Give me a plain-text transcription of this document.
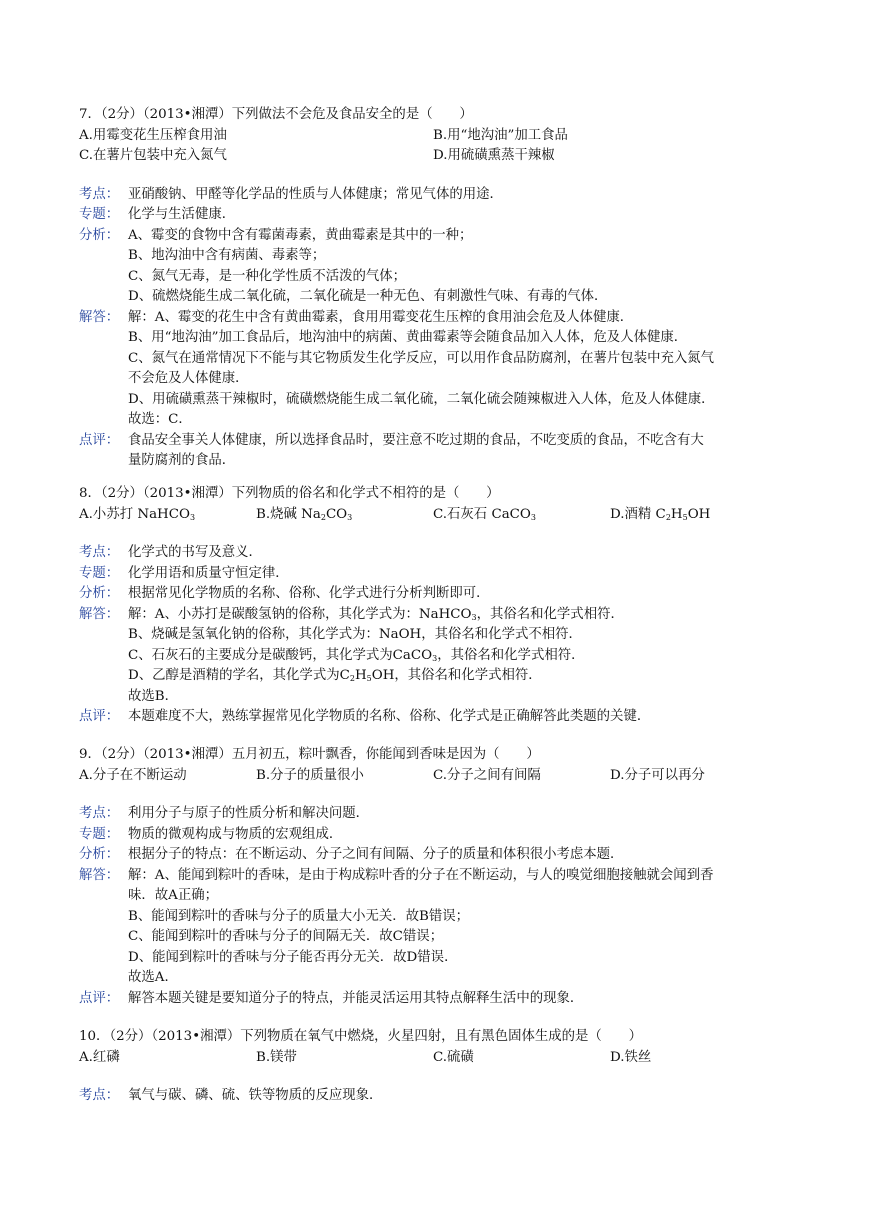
7．（2分）（2013•湘潭）下列做法不会危及食品安全的是（　　）
A.用霉变花生压榨食用油	B.用“地沟油”加工食品
C.在薯片包装中充入氮气	D.用硫磺熏蒸干辣椒
考点： 亚硝酸钠、甲醛等化学品的性质与人体健康；常见气体的用途．
专题： 化学与生活健康．
分析： A、霉变的食物中含有霉菌毒素，黄曲霉素是其中的一种；
B、地沟油中含有病菌、毒素等；
C、氮气无毒，是一种化学性质不活泼的气体；
D、硫燃烧能生成二氧化硫，二氧化硫是一种无色、有刺激性气味、有毒的气体．
解答： 解：A、霉变的花生中含有黄曲霉素，食用用霉变花生压榨的食用油会危及人体健康．
B、用“地沟油”加工食品后，地沟油中的病菌、黄曲霉素等会随食品加入人体，危及人体健康．
C、氮气在通常情况下不能与其它物质发生化学反应，可以用作食品防腐剂，在薯片包装中充入氮气
不会危及人体健康．
D、用硫磺熏蒸干辣椒时，硫磺燃烧能生成二氧化硫，二氧化硫会随辣椒进入人体，危及人体健康．
故选：C．
点评： 食品安全事关人体健康，所以选择食品时，要注意不吃过期的食品，不吃变质的食品，不吃含有大
量防腐剂的食品．
8．（2分）（2013•湘潭）下列物质的俗名和化学式不相符的是（　　）
A.小苏打 NaHCO$_3$	B.烧碱 $Na_2CO_3$	C.石灰石 CaCO$_3$	D.酒精 $C_2H_5OH$
考点： 化学式的书写及意义．
专题： 化学用语和质量守恒定律．
分析： 根据常见化学物质的名称、俗称、化学式进行分析判断即可．
解答： 解：A、小苏打是碳酸氢钠的俗称，其化学式为：NaHCO$_3$，其俗名和化学式相符．
B、烧碱是氢氧化钠的俗称，其化学式为：NaOH，其俗名和化学式不相符．
C、石灰石的主要成分是碳酸钙，其化学式为CaCO$_3$，其俗名和化学式相符．
D、乙醇是酒精的学名，其化学式为$C_2H_5OH$，其俗名和化学式相符．
故选B．
点评： 本题难度不大，熟练掌握常见化学物质的名称、俗称、化学式是正确解答此类题的关键．
9．（2分）（2013•湘潭）五月初五，粽叶飘香，你能闻到香味是因为（　　）
A.分子在不断运动	B.分子的质量很小	C.分子之间有间隔	D.分子可以再分
考点： 利用分子与原子的性质分析和解决问题．
专题： 物质的微观构成与物质的宏观组成．
分析： 根据分子的特点：在不断运动、分子之间有间隔、分子的质量和体积很小考虑本题．
解答： 解：A、能闻到粽叶的香味，是由于构成粽叶香的分子在不断运动，与人的嗅觉细胞接触就会闻到香
味．故A正确；
B、能闻到粽叶的香味与分子的质量大小无关．故B错误；
C、能闻到粽叶的香味与分子的间隔无关．故C错误；
D、能闻到粽叶的香味与分子能否再分无关．故D错误．
故选A．
点评： 解答本题关键是要知道分子的特点，并能灵活运用其特点解释生活中的现象．
10．（2分）（2013•湘潭）下列物质在氧气中燃烧，火星四射，且有黑色固体生成的是（　　）
A.红磷	B.镁带	C.硫磺	D.铁丝
考点： 氧气与碳、磷、硫、铁等物质的反应现象．
